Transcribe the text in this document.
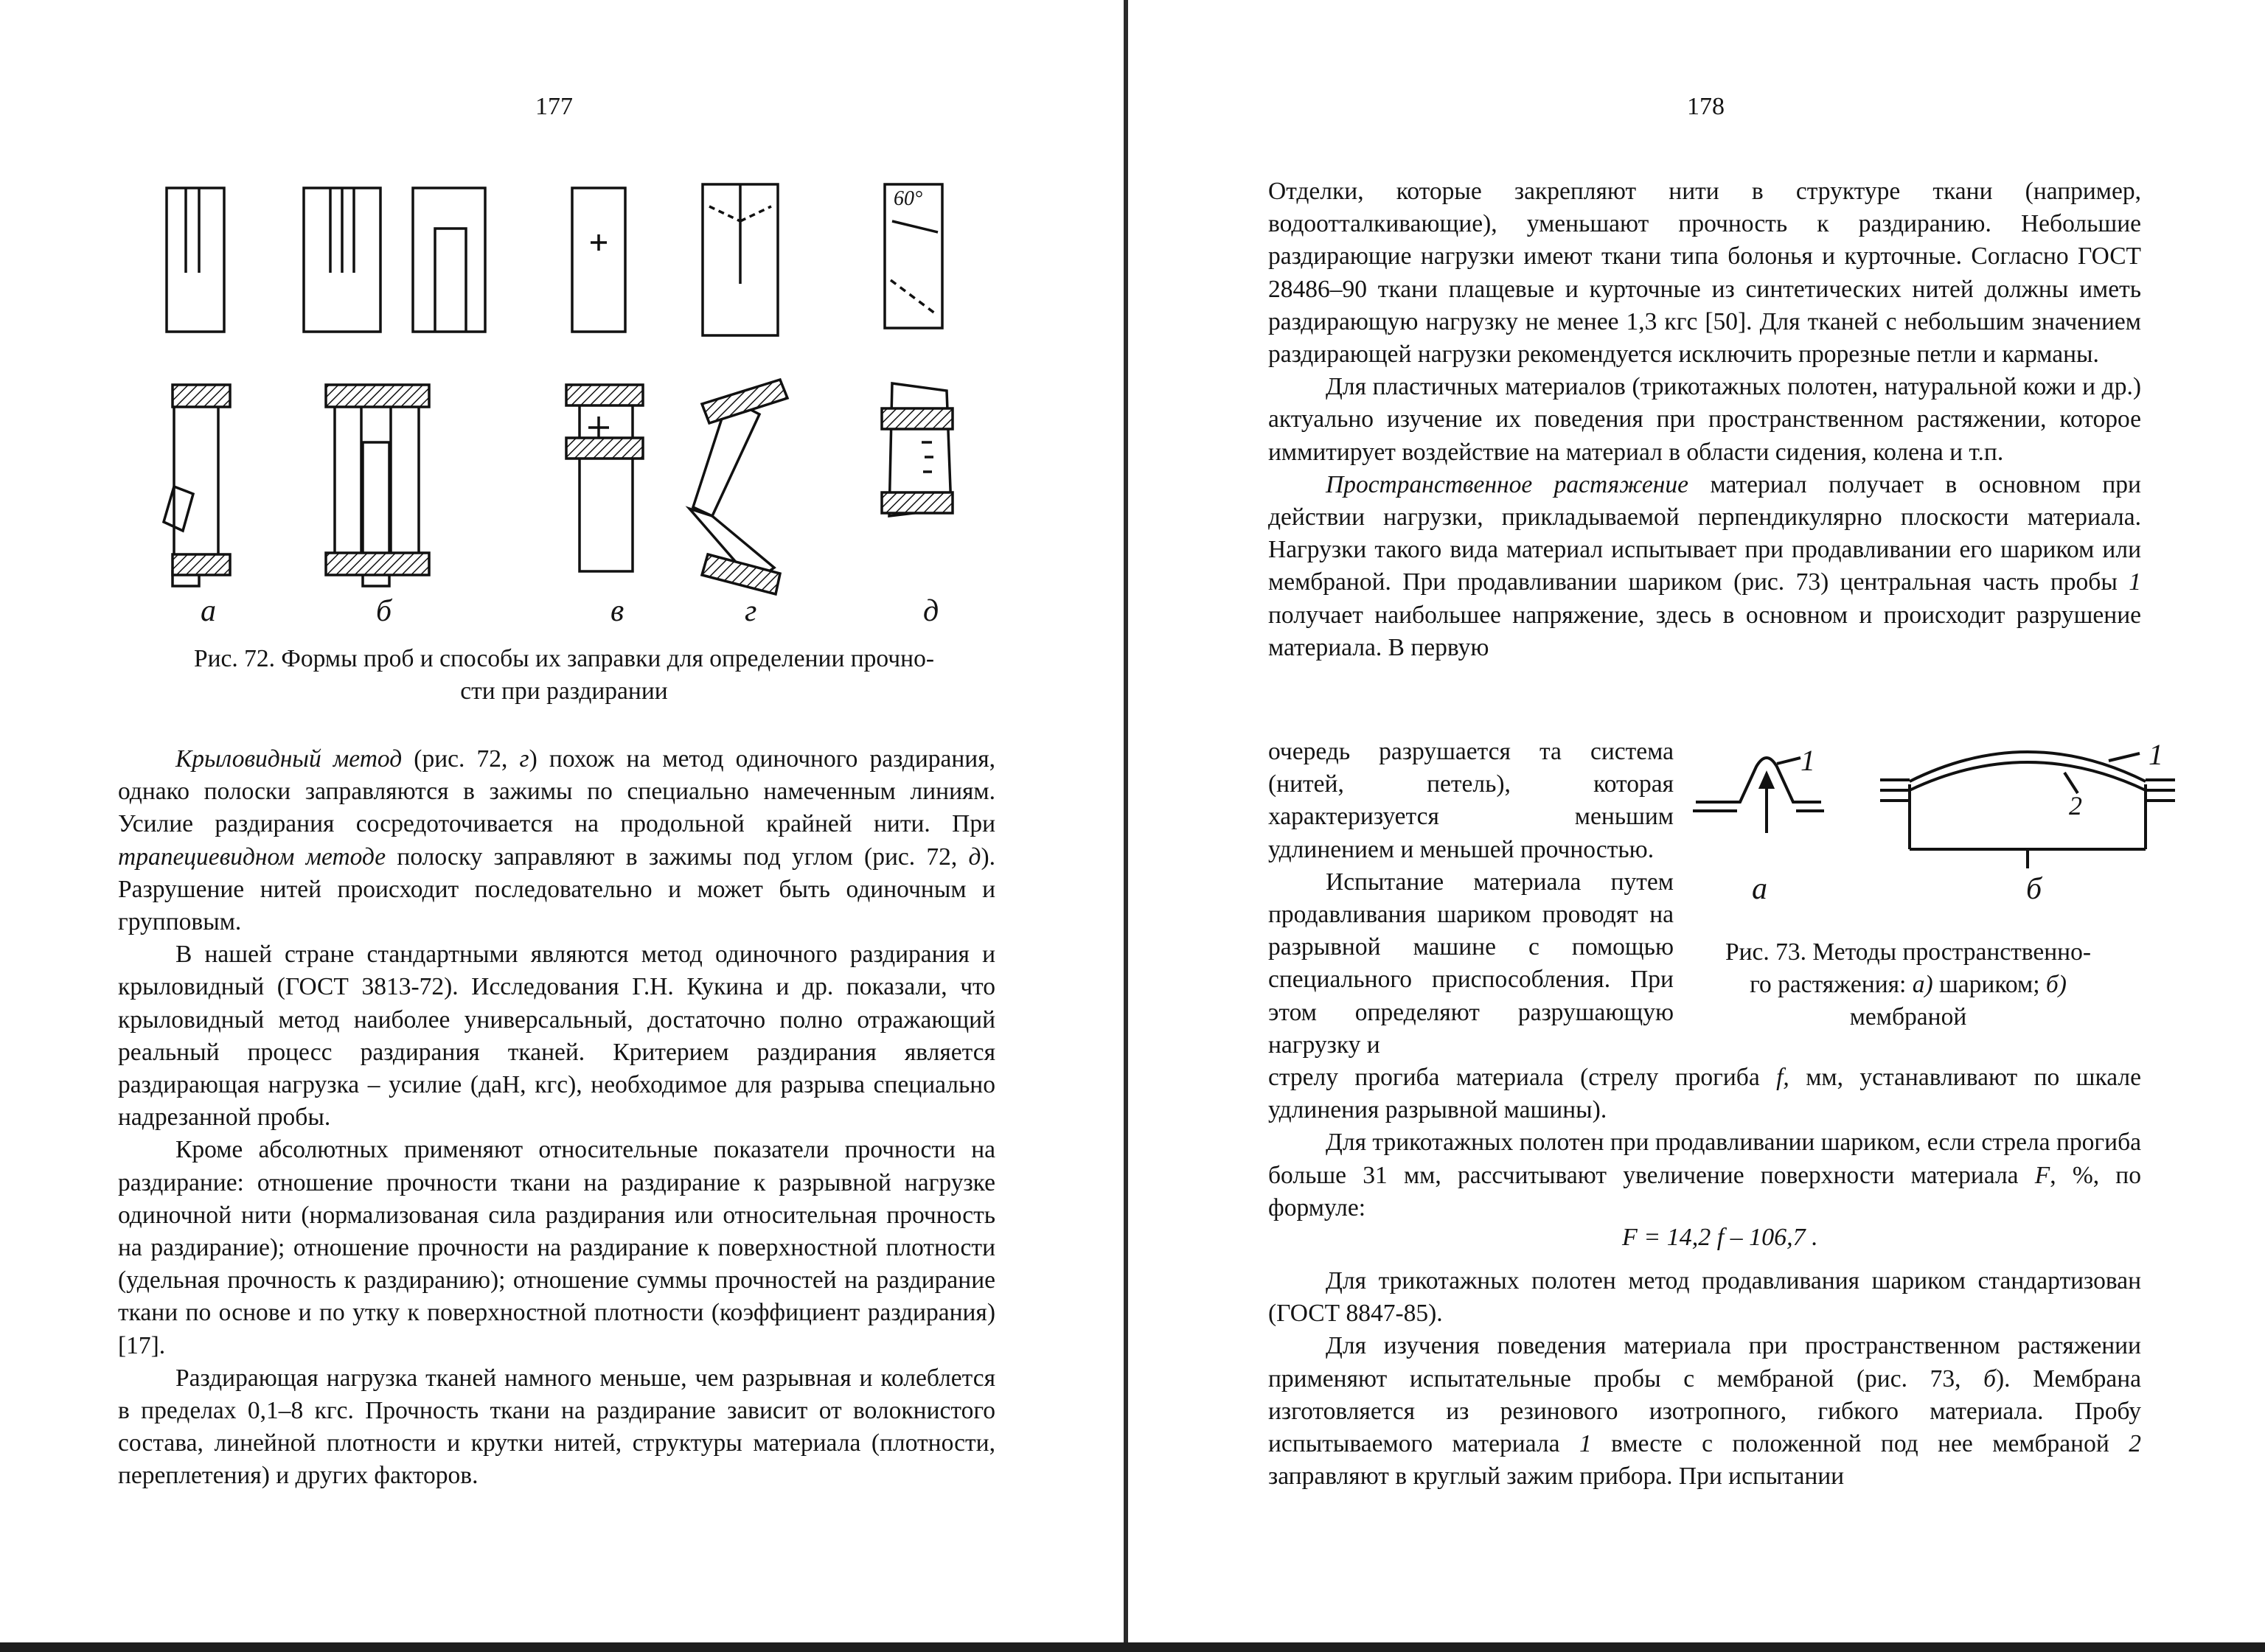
177
60°
а	б	в	г	д
Рис. 72. Формы проб и способы их заправки для определении прочно-
сти при раздирании

Крыловидный метод (рис. 72, г) похож на метод одиночного раздирания, однако полоски заправляются в зажимы по специально намеченным линиям. Усилие раздирания сосредоточивается на продольной крайней нити. При трапециевидном методе полоску заправляют в зажимы под углом (рис. 72, д). Разрушение нитей происходит последовательно и может быть одиночным и групповым.

В нашей стране стандартными являются метод одиночного раздирания и крыловидный (ГОСТ 3813-72). Исследования Г.Н. Кукина и др. показали, что крыловидный метод наиболее универсальный, достаточно полно отражающий реальный процесс раздирания тканей. Критерием раздирания является раздирающая нагрузка – усилие (даН, кгс), необходимое для разрыва специально надрезанной пробы.

Кроме абсолютных применяют относительные показатели прочности на раздирание: отношение прочности ткани на раздирание к разрывной нагрузке одиночной нити (нормализованая сила раздирания или относительная прочность на раздирание); отношение прочности на раздирание к поверхностной плотности (удельная прочность к раздиранию); отношение суммы прочностей на раздирание ткани по основе и по утку к поверхностной плотности (коэффициент раздирания) [17].

Раздирающая нагрузка тканей намного меньше, чем разрывная и колеблется в пределах 0,1–8 кгс. Прочность ткани на раздирание зависит от волокнистого состава, линейной плотности и крутки нитей, структуры материала (плотности, переплетения) и других факторов.

178

Отделки, которые закрепляют нити в структуре ткани (например, водоотталкивающие), уменьшают прочность к раздиранию. Небольшие раздирающие нагрузки имеют ткани типа болонья и курточные. Согласно ГОСТ 28486–90 ткани плащевые и курточные из синтетических нитей должны иметь раздирающую нагрузку не менее 1,3 кгс [50]. Для тканей с небольшим значением раздирающей нагрузки рекомендуется исключить прорезные петли и карманы.

Для пластичных материалов (трикотажных полотен, натуральной кожи и др.) актуально изучение их поведения при пространственном растяжении, которое иммитирует воздействие на материал в области сидения, колена и т.п.

Пространственное растяжение материал получает в основном при действии нагрузки, прикладываемой перпендикулярно плоскости материала. Нагрузки такого вида материал испытывает при продавливании его шариком или мембраной. При продавливании шариком (рис. 73) центральная часть пробы 1 получает наибольшее напряжение, здесь в основном и происходит разрушение материала. В первую

очередь разрушается та система (нитей, петель), которая характеризуется меньшим удлинением и меньшей прочностью.

Испытание материала путем продавливания шариком проводят на разрывной машине с помощью специального приспособления. При этом определяют разрушающую нагрузку и

1	1
2
а	б
Рис. 73. Методы пространственно-
го растяжения: а) шариком; б)
мембраной

стрелу прогиба материала (стрелу прогиба f, мм, устанавливают по шкале удлинения разрывной машины).

Для трикотажных полотен при продавливании шариком, если стрела прогиба больше 31 мм, рассчитывают увеличение поверхности материала F, %, по формуле:

F = 14,2 f – 106,7 .

Для трикотажных полотен метод продавливания шариком стандартизован (ГОСТ 8847-85).

Для изучения поведения материала при пространственном растяжении применяют испытательные пробы с мембраной (рис. 73, б). Мембрана изготовляется из резинового изотропного, гибкого материала. Пробу испытываемого материала 1 вместе с положенной под нее мембраной 2 заправляют в круглый зажим прибора. При испытании
